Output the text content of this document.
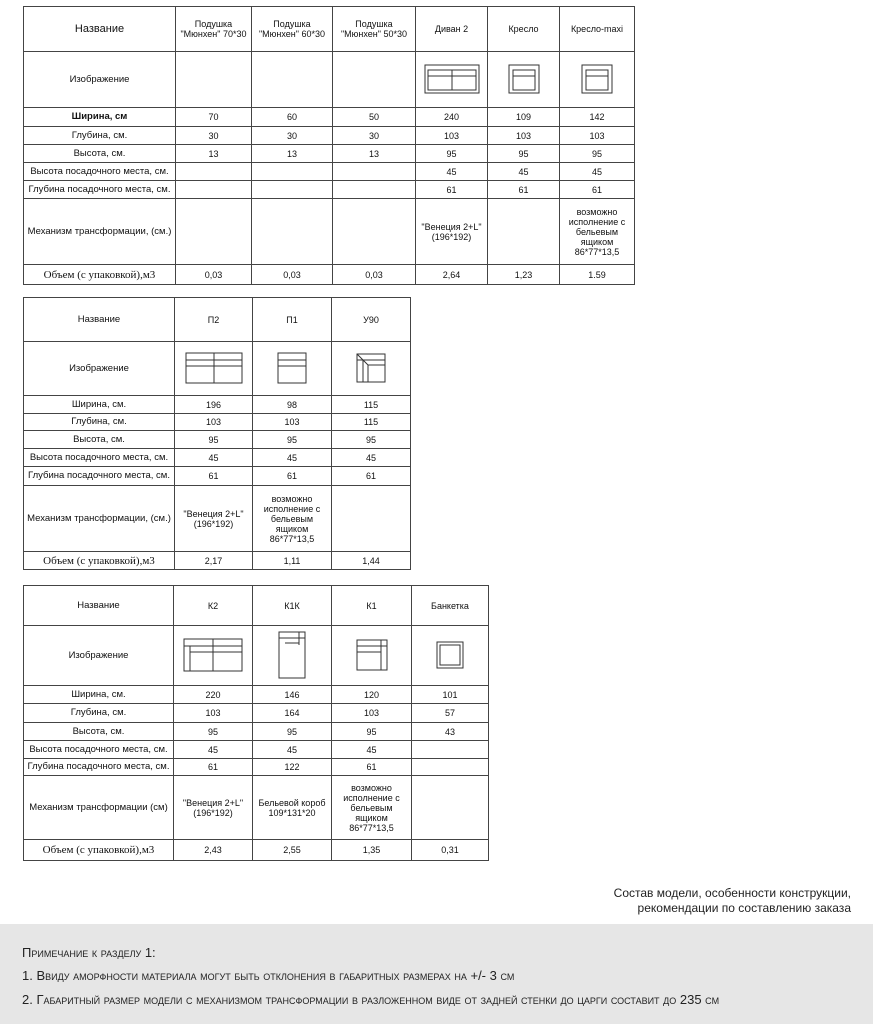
Название	Подушка "Мюнхен" 70*30	Подушка "Мюнхен" 60*30	Подушка "Мюнхен" 50*30	Диван 2	Кресло	Кресло-maxi
Изображение				

Ширина, см	70	60	50	240	109	142
Глубина, см.	30	30	30	103	103	103
Высота, см.	13	13	13	95	95	95
Высота посадочного места, см.				45	45	45
Глубина посадочного места, см.				61	61	61
Механизм трансформации, (см.)				"Венеция 2+L" (196*192)		возможно исполнение с бельевым ящиком 86*77*13,5
Объем (с упаковкой),м3	0,03	0,03	0,03	2,64	1,23	1.59
Название	П2	П1	У90
Изображение	

Ширина, см.	196	98	115
Глубина, см.	103	103	115
Высота, см.	95	95	95
Высота посадочного места, см.	45	45	45
Глубина посадочного места, см.	61	61	61
Механизм трансформации, (см.)	"Венеция 2+L" (196*192)	возможно исполнение с бельевым ящиком 86*77*13,5	
Объем (с упаковкой),м3	2,17	1,11	1,44
Название	К2	К1К	К1	Банкетка
Изображение	

Ширина, см.	220	146	120	101
Глубина, см.	103	164	103	57
Высота, см.	95	95	95	43
Высота посадочного места, см.	45	45	45	
Глубина посадочного места, см.	61	122	61	
Механизм трансформации (см)	"Венеция 2+L" (196*192)	Бельевой короб 109*131*20	возможно исполнение с бельевым ящиком 86*77*13,5	
Объем (с упаковкой),м3	2,43	2,55	1,35	0,31
Состав модели, особенности конструкции,
рекомендации по составлению заказа
Примечание к разделу 1:
1. Ввиду аморфности материала могут быть отклонения в габаритных размерах на +/- 3 см
2. Габаритный размер модели с механизмом трансформации в разложенном виде от задней стенки до царги составит до 235 см
